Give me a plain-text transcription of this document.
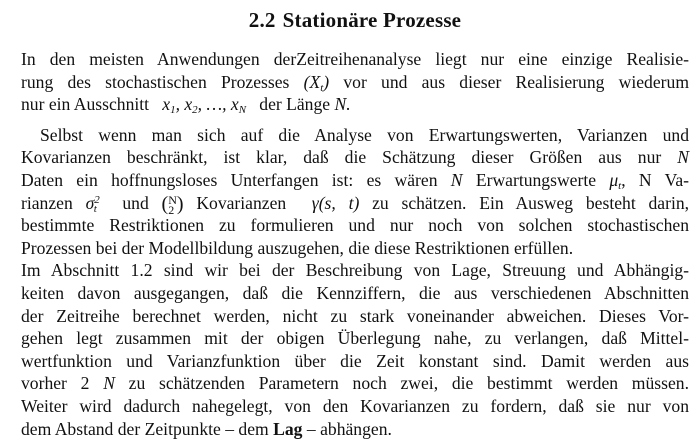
2.2 Stationäre Prozesse
In den meisten Anwendungen derZeitreihenanalyse liegt nur eine einzige Realisie-
rung des stochastischen Prozesses $(X_t)$ vor und aus dieser Realisierung wiederum
nur ein Ausschnitt $x_1$, $x_2$, …, $x_N$ der Länge N.
Selbst wenn man sich auf die Analyse von Erwartungswerten, Varianzen und
Kovarianzen beschränkt, ist klar, daß die Schätzung dieser Größen aus nur N
Daten ein hoffnungsloses Unterfangen ist: es wären N Erwartungswerte $\mu_t$, N Va-
rianzen $\sigma^2_t$ und (N
2 ) Kovarianzen γ(s, t) zu schätzen. Ein Ausweg besteht darin,
bestimmte Restriktionen zu formulieren und nur noch von solchen stochastischen
Prozessen bei der Modellbildung auszugehen, die diese Restriktionen erfüllen.
Im Abschnitt 1.2 sind wir bei der Beschreibung von Lage, Streuung und Abhängig-
keiten davon ausgegangen, daß die Kennziffern, die aus verschiedenen Abschnitten
der Zeitreihe berechnet werden, nicht zu stark voneinander abweichen. Dieses Vor-
gehen legt zusammen mit der obigen Überlegung nahe, zu verlangen, daß Mittel-
wertfunktion und Varianzfunktion über die Zeit konstant sind. Damit werden aus
vorher 2 N zu schätzenden Parametern noch zwei, die bestimmt werden müssen.
Weiter wird dadurch nahegelegt, von den Kovarianzen zu fordern, daß sie nur von
dem Abstand der Zeitpunkte – dem Lag – abhängen.
